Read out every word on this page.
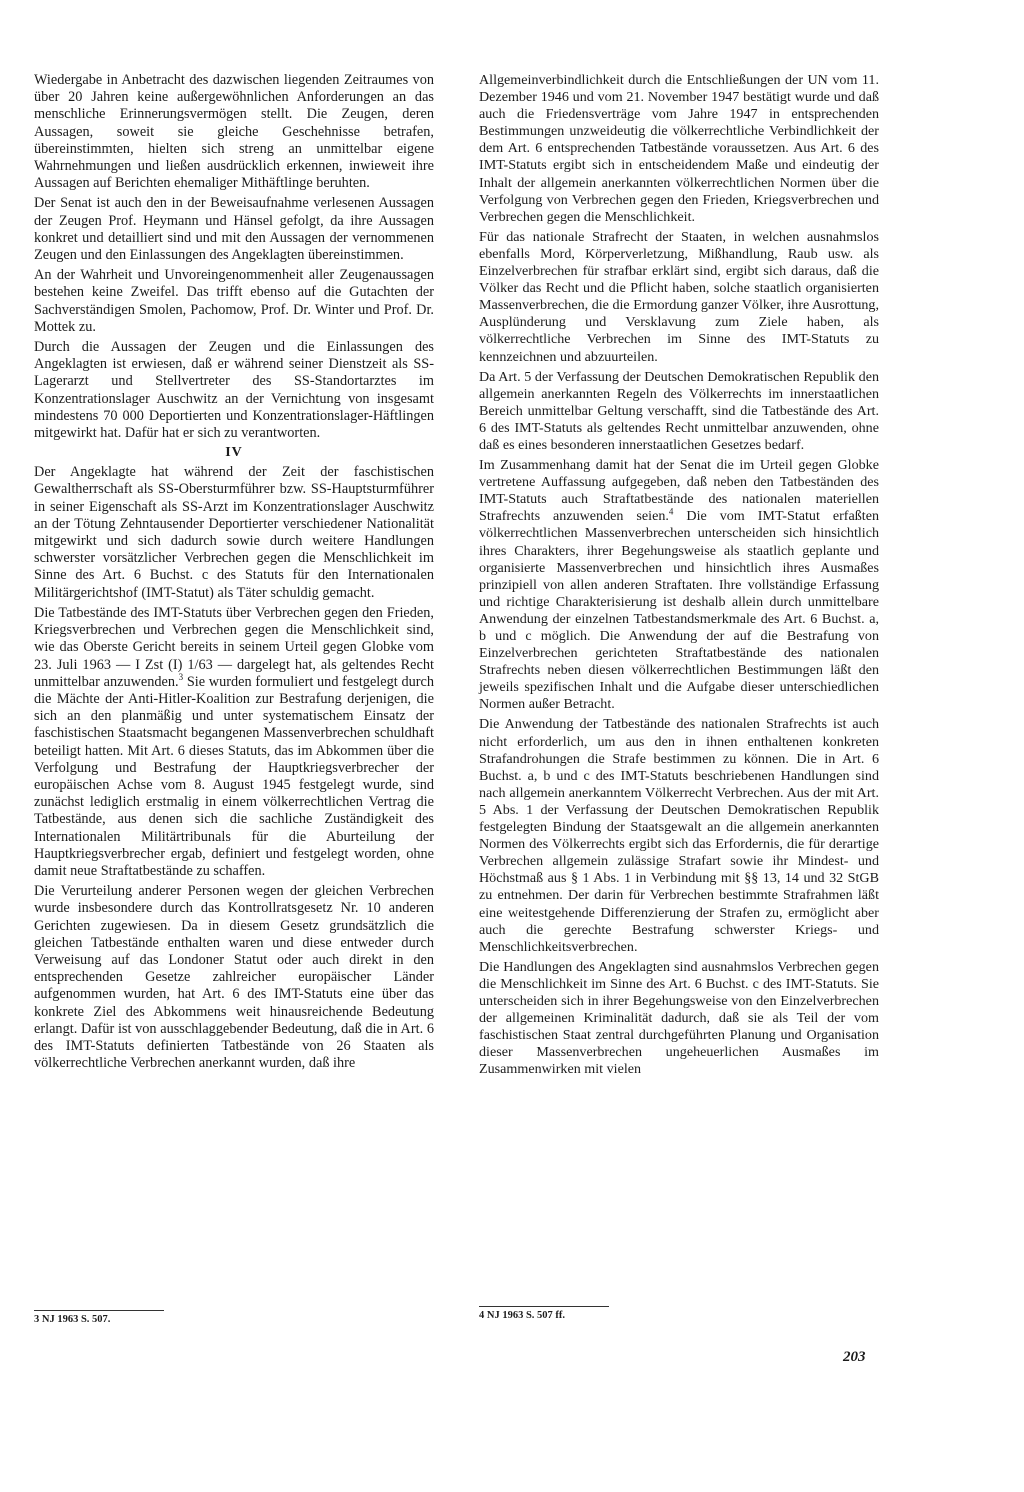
Wiedergabe in Anbetracht des dazwischen liegenden Zeitraumes von über 20 Jahren keine außergewöhnlichen Anforderungen an das menschliche Erinnerungsvermögen stellt. Die Zeugen, deren Aussagen, soweit sie gleiche Geschehnisse betrafen, übereinstimmten, hielten sich streng an unmittelbar eigene Wahrnehmungen und ließen ausdrücklich erkennen, inwieweit ihre Aussagen auf Berichten ehemaliger Mithäftlinge beruhten.

Der Senat ist auch den in der Beweisaufnahme verlesenen Aussagen der Zeugen Prof. Heymann und Hänsel gefolgt, da ihre Aussagen konkret und detailliert sind und mit den Aussagen der vernommenen Zeugen und den Einlassungen des Angeklagten übereinstimmen.

An der Wahrheit und Unvoreingenommenheit aller Zeugenaussagen bestehen keine Zweifel. Das trifft ebenso auf die Gutachten der Sachverständigen Smolen, Pachomow, Prof. Dr. Winter und Prof. Dr. Mottek zu.

Durch die Aussagen der Zeugen und die Einlassungen des Angeklagten ist erwiesen, daß er während seiner Dienstzeit als SS-Lagerarzt und Stellvertreter des SS-Standortarztes im Konzentrationslager Auschwitz an der Vernichtung von insgesamt mindestens 70 000 Deportierten und Konzentrationslager-Häftlingen mitgewirkt hat. Dafür hat er sich zu verantworten.

IV

Der Angeklagte hat während der Zeit der faschistischen Gewaltherrschaft als SS-Obersturmführer bzw. SS-Hauptsturmführer in seiner Eigenschaft als SS-Arzt im Konzentrationslager Auschwitz an der Tötung Zehntausender Deportierter verschiedener Nationalität mitgewirkt und sich dadurch sowie durch weitere Handlungen schwerster vorsätzlicher Verbrechen gegen die Menschlichkeit im Sinne des Art. 6 Buchst. c des Statuts für den Internationalen Militärgerichtshof (IMT-Statut) als Täter schuldig gemacht.

Die Tatbestände des IMT-Statuts über Verbrechen gegen den Frieden, Kriegsverbrechen und Verbrechen gegen die Menschlichkeit sind, wie das Oberste Gericht bereits in seinem Urteil gegen Globke vom 23. Juli 1963 — I Zst (I) 1/63 — dargelegt hat, als geltendes Recht unmittelbar anzuwenden.$^3$ Sie wurden formuliert und festgelegt durch die Mächte der Anti-Hitler-Koalition zur Bestrafung derjenigen, die sich an den planmäßig und unter systematischem Einsatz der faschistischen Staatsmacht begangenen Massenverbrechen schuldhaft beteiligt hatten. Mit Art. 6 dieses Statuts, das im Abkommen über die Verfolgung und Bestrafung der Hauptkriegsverbrecher der europäischen Achse vom 8. August 1945 festgelegt wurde, sind zunächst lediglich erstmalig in einem völkerrechtlichen Vertrag die Tatbestände, aus denen sich die sachliche Zuständigkeit des Internationalen Militärtribunals für die Aburteilung der Hauptkriegsverbrecher ergab, definiert und festgelegt worden, ohne damit neue Straftatbestände zu schaffen.

Die Verurteilung anderer Personen wegen der gleichen Verbrechen wurde insbesondere durch das Kontrollratsgesetz Nr. 10 anderen Gerichten zugewiesen. Da in diesem Gesetz grundsätzlich die gleichen Tatbestände enthalten waren und diese entweder durch Verweisung auf das Londoner Statut oder auch direkt in den entsprechenden Gesetze zahlreicher europäischer Länder aufgenommen wurden, hat Art. 6 des IMT-Statuts eine über das konkrete Ziel des Abkommens weit hinausreichende Bedeutung erlangt. Dafür ist von ausschlaggebender Bedeutung, daß die in Art. 6 des IMT-Statuts definierten Tatbestände von 26 Staaten als völkerrechtliche Verbrechen anerkannt wurden, daß ihre

3 NJ 1963 S. 507.

Allgemeinverbindlichkeit durch die Entschließungen der UN vom 11. Dezember 1946 und vom 21. November 1947 bestätigt wurde und daß auch die Friedensverträge vom Jahre 1947 in entsprechenden Bestimmungen unzweideutig die völkerrechtliche Verbindlichkeit der dem Art. 6 entsprechenden Tatbestände voraussetzen. Aus Art. 6 des IMT-Statuts ergibt sich in entscheidendem Maße und eindeutig der Inhalt der allgemein anerkannten völkerrechtlichen Normen über die Verfolgung von Verbrechen gegen den Frieden, Kriegsverbrechen und Verbrechen gegen die Menschlichkeit.

Für das nationale Strafrecht der Staaten, in welchen ausnahmslos ebenfalls Mord, Körperverletzung, Mißhandlung, Raub usw. als Einzelverbrechen für strafbar erklärt sind, ergibt sich daraus, daß die Völker das Recht und die Pflicht haben, solche staatlich organisierten Massenverbrechen, die die Ermordung ganzer Völker, ihre Ausrottung, Ausplünderung und Versklavung zum Ziele haben, als völkerrechtliche Verbrechen im Sinne des IMT-Statuts zu kennzeichnen und abzuurteilen.

Da Art. 5 der Verfassung der Deutschen Demokratischen Republik den allgemein anerkannten Regeln des Völkerrechts im innerstaatlichen Bereich unmittelbar Geltung verschafft, sind die Tatbestände des Art. 6 des IMT-Statuts als geltendes Recht unmittelbar anzuwenden, ohne daß es eines besonderen innerstaatlichen Gesetzes bedarf.

Im Zusammenhang damit hat der Senat die im Urteil gegen Globke vertretene Auffassung aufgegeben, daß neben den Tatbeständen des IMT-Statuts auch Straftatbestände des nationalen materiellen Strafrechts anzuwenden seien.$^4$ Die vom IMT-Statut erfaßten völkerrechtlichen Massenverbrechen unterscheiden sich hinsichtlich ihres Charakters, ihrer Begehungsweise als staatlich geplante und organisierte Massenverbrechen und hinsichtlich ihres Ausmaßes prinzipiell von allen anderen Straftaten. Ihre vollständige Erfassung und richtige Charakterisierung ist deshalb allein durch unmittelbare Anwendung der einzelnen Tatbestandsmerkmale des Art. 6 Buchst. a, b und c möglich. Die Anwendung der auf die Bestrafung von Einzelverbrechen gerichteten Straftatbestände des nationalen Strafrechts neben diesen völkerrechtlichen Bestimmungen läßt den jeweils spezifischen Inhalt und die Aufgabe dieser unterschiedlichen Normen außer Betracht.

Die Anwendung der Tatbestände des nationalen Strafrechts ist auch nicht erforderlich, um aus den in ihnen enthaltenen konkreten Strafandrohungen die Strafe bestimmen zu können. Die in Art. 6 Buchst. a, b und c des IMT-Statuts beschriebenen Handlungen sind nach allgemein anerkanntem Völkerrecht Verbrechen. Aus der mit Art. 5 Abs. 1 der Verfassung der Deutschen Demokratischen Republik festgelegten Bindung der Staatsgewalt an die allgemein anerkannten Normen des Völkerrechts ergibt sich das Erfordernis, die für derartige Verbrechen allgemein zulässige Strafart sowie ihr Mindest- und Höchstmaß aus § 1 Abs. 1 in Verbindung mit §§ 13, 14 und 32 StGB zu entnehmen. Der darin für Verbrechen bestimmte Strafrahmen läßt eine weitestgehende Differenzierung der Strafen zu, ermöglicht aber auch die gerechte Bestrafung schwerster Kriegs- und Menschlichkeitsverbrechen.

Die Handlungen des Angeklagten sind ausnahmslos Verbrechen gegen die Menschlichkeit im Sinne des Art. 6 Buchst. c des IMT-Statuts. Sie unterscheiden sich in ihrer Begehungsweise von den Einzelverbrechen der allgemeinen Kriminalität dadurch, daß sie als Teil der vom faschistischen Staat zentral durchgeführten Planung und Organisation dieser Massenverbrechen ungeheuerlichen Ausmaßes im Zusammenwirken mit vielen

4 NJ 1963 S. 507 ff.

203
